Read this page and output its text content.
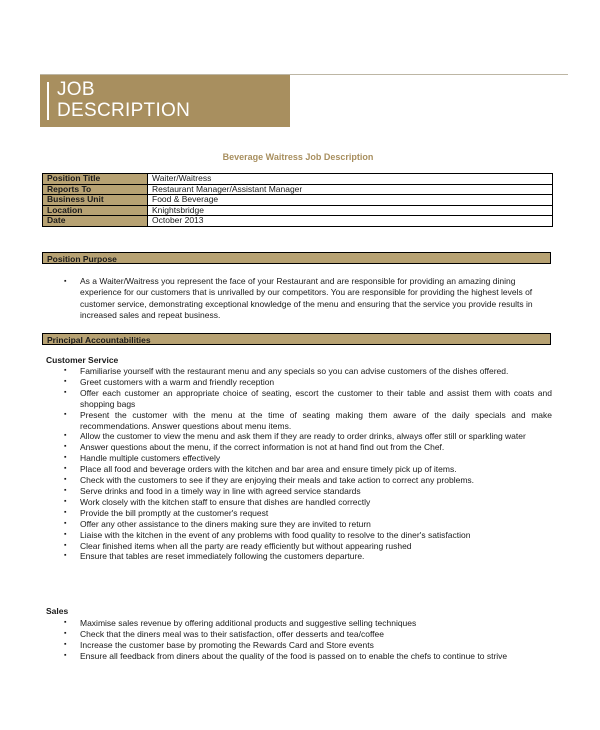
JOB
DESCRIPTION
Beverage Waitress Job Description
Position Title	Waiter/Waitress
Reports To	Restaurant Manager/Assistant Manager
Business Unit	Food & Beverage
Location	Knightsbridge
Date	October 2013
Position Purpose
▪ As a Waiter/Waitress you represent the face of your Restaurant and are responsible for providing an amazing dining experience for our customers that is unrivalled by our competitors. You are responsible for providing the highest levels of customer service, demonstrating exceptional knowledge of the menu and ensuring that the service you provide results in increased sales and repeat business.
Principal Accountabilities
Customer Service
▪ Familiarise yourself with the restaurant menu and any specials so you can advise customers of the dishes offered.
▪ Greet customers with a warm and friendly reception
▪ Offer each customer an appropriate choice of seating, escort the customer to their table and assist them with coats and shopping bags
▪ Present the customer with the menu at the time of seating making them aware of the daily specials and make recommendations. Answer questions about menu items.
▪ Allow the customer to view the menu and ask them if they are ready to order drinks, always offer still or sparkling water
▪ Answer questions about the menu, if the correct information is not at hand find out from the Chef.
▪ Handle multiple customers effectively
▪ Place all food and beverage orders with the kitchen and bar area and ensure timely pick up of items.
▪ Check with the customers to see if they are enjoying their meals and take action to correct any problems.
▪ Serve drinks and food in a timely way in line with agreed service standards
▪ Work closely with the kitchen staff to ensure that dishes are handled correctly
▪ Provide the bill promptly at the customer's request
▪ Offer any other assistance to the diners making sure they are invited to return
▪ Liaise with the kitchen in the event of any problems with food quality to resolve to the diner's satisfaction
▪ Clear finished items when all the party are ready efficiently but without appearing rushed
▪ Ensure that tables are reset immediately following the customers departure.
Sales
▪ Maximise sales revenue by offering additional products and suggestive selling techniques
▪ Check that the diners meal was to their satisfaction, offer desserts and tea/coffee
▪ Increase the customer base by promoting the Rewards Card and Store events
▪ Ensure all feedback from diners about the quality of the food is passed on to enable the chefs to continue to strive
